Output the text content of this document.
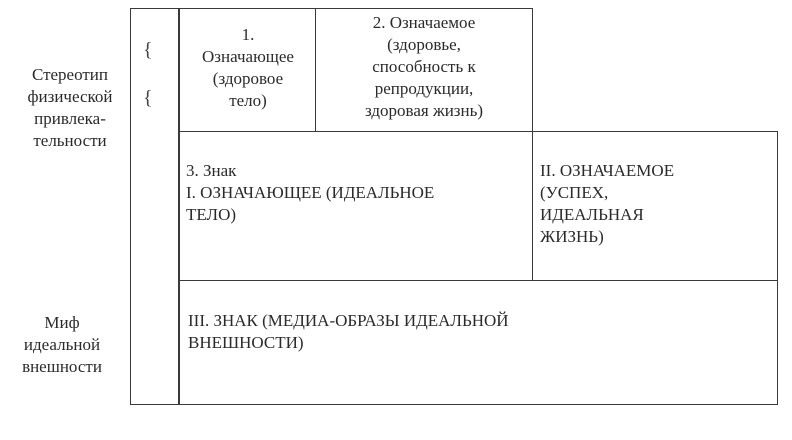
Стереотип
физической
привлека-
тельности
Миф
идеальной
внешности
{
{
1.
Означающее
(здоровое
тело)
2. Означаемое
(здоровье,
способность к
репродукции,
здоровая жизнь)
3. Знак
I. ОЗНАЧАЮЩЕЕ (ИДЕАЛЬНОЕ
ТЕЛО)
II. ОЗНАЧАЕМОЕ
(УСПЕХ,
ИДЕАЛЬНАЯ
ЖИЗНЬ)
III. ЗНАК (МЕДИА-ОБРАЗЫ ИДЕАЛЬНОЙ
ВНЕШНОСТИ)
